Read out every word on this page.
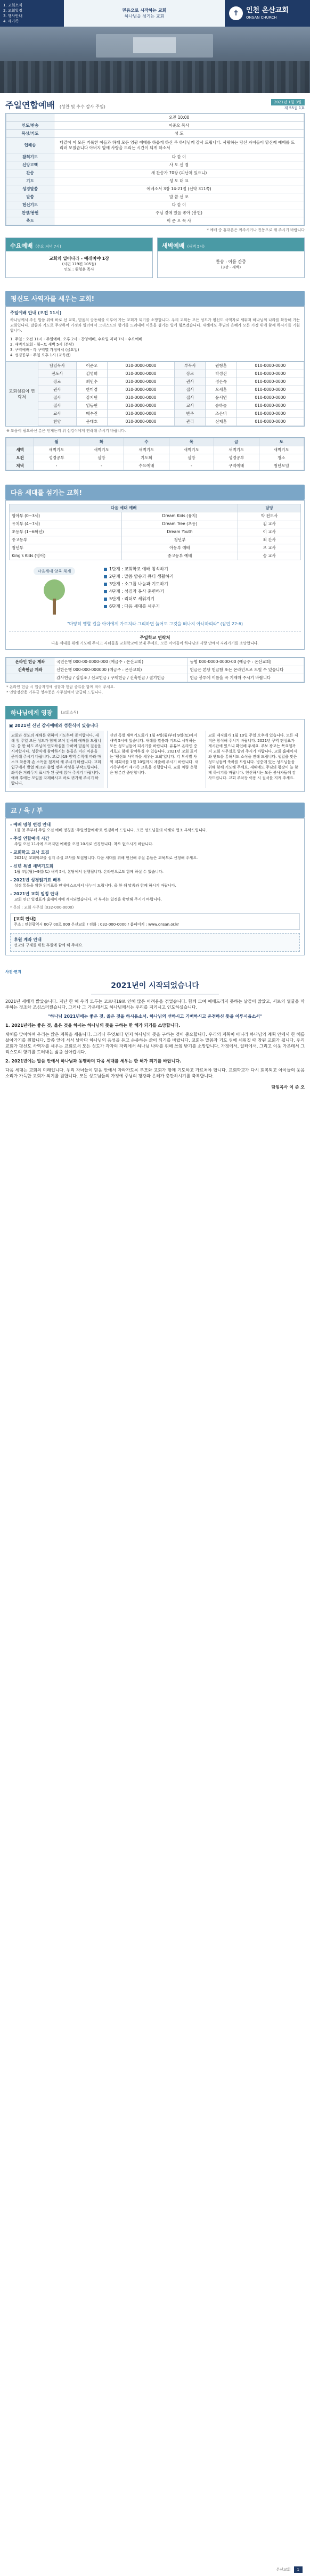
1. 교회소식
2. 교회일정
3. 행사안내
4. 새가족
믿음으로 시작하는 교회
하나님을 섬기는 교회	✝	인천 온산교회
ONSAN CHURCH
주일연합예배 (성찬 및 추수 감사 주일)
2021년 1월 3일
제 55권 1호
	오전 10:00
인도/찬송	이준오 목사
묵상/기도	성 도
입례송	다같이 이 모든 거룩한 이들과 하께 모든 영광 예배를 하옵게 하신 주 하나님께 감사 드립니다. 사랑하는 당신 자녀들이 당신께 예배를 드리러 모였습니다 아버지 앞에 사랑을 드리는 시간이 되게 하소서
참회기도	다 같 이
신앙고백	사 도 신 경
찬송	새 찬송가 70장 (피난처 있으니)
기도	성 도 대 표
성경말씀	에베소서 3장 14-21절 (신약 311쪽)
말씀	말 씀 선 포
헌신기도	다 같 이
찬양/봉헌	주님 곁에 있음 좋아 (봉헌)
축도	이 준 오 목 사
* 예배 중 휴대폰은 꺼주시거나 진동으로 해 주시기 바랍니다
수요예배 (수요 저녁 7시)
교회의 일어나라 - 예레미야 1장
(시편 119편 105절)
인도 : 원형훈 목사
새벽예배 (새벽 5시)
찬송 : 이름 간증
(3장 - 새벽)
평신도 사역자를 세우는 교회!
주일예배 안내 (오전 11시)
하나님께서 주신 말씀 위에 바로 선 교회, 믿음의 공동체를 이루어 가는 교회가 되기를 소망합니다. 우리 교회는 모든 성도가 평신도 사역자로 세워져 하나님의 나라를 확장해 가는 교회입니다. 말씀과 기도로 무장하여 가정과 일터에서 그리스도의 향기를 드러내며 이웃을 섬기는 일에 힘쓰겠습니다. 새해에도 주님의 은혜가 모든 가정 위에 함께 하시기를 기원합니다.
1. 주일 : 오전 11시 - 주일예배, 오후 2시 - 찬양예배, 수요일 저녁 7시 - 수요예배
2. 새벽기도회 - 월~토 새벽 5시 (본당)
3. 구역예배 - 각 구역별 가정에서 (금요일)
4. 성경공부 - 주일 오후 1시 (교육관)
교회섬김이 연락처
담임목사	이준오	010-0000-0000	부목사	원형훈	010-0000-0000
전도사	김영희	010-0000-0000	장로	박성진	010-0000-0000
장로	최민수	010-0000-0000	권사	정은숙	010-0000-0000
권사	한미경	010-0000-0000	집사	오세훈	010-0000-0000
집사	강지원	010-0000-0000	집사	윤서연	010-0000-0000
집사	임동현	010-0000-0000	교사	송하늘	010-0000-0000
교사	배수진	010-0000-0000	반주	조은비	010-0000-0000
찬양	문태호	010-0000-0000	관리	신재훈	010-0000-0000
※ 도움이 필요하신 분은 언제든지 위 섬김이에게 연락해 주시기 바랍니다.
	월	화	수	목	금	토
새벽	새벽기도	새벽기도	새벽기도	새벽기도	새벽기도	새벽기도
오전	성경공부	심방	기도회	심방	성경공부	청소
저녁	-	-	수요예배	-	구역예배	청년모임
다음 세대를 섬기는 교회!
다음 세대 예배		담당
영아부 (0~3세)	Dream Kids (유치)	박 전도사
유치부 (4~7세)	Dream Tree (초등)	김 교사
초등부 (1~6학년)	Dream Youth	이 교사
중고등부	청년부	최 간사
청년부	아동부 예배	오 교사
King's Kids (영어)	중고등부 예배	송 교사
다음세대 양육 체계	1단계 : 교회학교 예배 참석하기
2단계 : 말씀 암송과 큐티 생활하기
3단계 : 소그룹 나눔과 기도하기
4단계 : 섬김과 봉사 훈련하기
5단계 : 리더로 세워지기
6단계 : 다음 세대를 세우기
"마땅히 행할 길을 아이에게 가르치라 그리하면 늙어도 그것을 떠나지 아니하리라" (잠언 22:6)
주일학교 연락처
다음 세대를 위해 기도해 주시고 자녀들을 교회학교에 보내 주세요. 모든 아이들이 하나님의 사랑 안에서 자라가기를 소망합니다.
온라인 헌금 계좌	국민은행 000-00-0000-000 (예금주 : 온산교회)	농협 000-0000-0000-00 (예금주 : 온산교회)
건축헌금 계좌	신한은행 000-000-000000 (예금주 : 온산교회)	헌금은 본당 헌금함 또는 온라인으로 드릴 수 있습니다
	감사헌금 / 십일조 / 선교헌금 / 구제헌금 / 건축헌금 / 절기헌금	헌금 봉투에 이름을 꼭 기재해 주시기 바랍니다
* 온라인 헌금 시 입금자명에 성함과 헌금 종류를 함께 적어 주세요.
* 연말정산용 기부금 영수증은 사무실에서 발급해 드립니다.
하나님에게 영광	(교회소식)
▣ 2021년 신년 감사예배와 성찬식이 있습니다
교회와 성도의 새해를 위하여 기도하며 준비합시다. 새해 첫 주일 모든 성도가 함께 모여 감사의 예배를 드립니다. 올 한 해도 주님의 인도하심을 구하며 믿음의 걸음을 시작합시다. 성찬식에 참여하시는 분들은 미리 마음을 준비해 주시기 바랍니다. 코로나19 방역 수칙에 따라 마스크 착용과 손 소독을 철저히 해 주시기 바랍니다. 교회 입구에서 발열 체크와 출입 명부 작성을 부탁드립니다. 좌석은 거리두기 표시가 된 곳에 앉아 주시기 바랍니다. 예배 후에는 모임을 자제하시고 바로 귀가해 주시기 바랍니다.
신년 특별 새벽기도회가 1월 4일(월)부터 9일(토)까지 새벽 5시에 있습니다. 새해를 말씀과 기도로 시작하는 모든 성도님들이 되시기를 바랍니다. 유튜브 온라인 중계로도 함께 참여하실 수 있습니다. 2021년 교회 표어는 '평신도 사역자를 세우는 교회'입니다. 각 부서별 사역 계획서를 1월 10일까지 제출해 주시기 바랍니다. 새가족부에서 새가족 교육을 진행합니다. 교회 차량 운행은 당분간 중단합니다.
교회 제직회가 1월 10일 주일 오후에 있습니다. 모든 제직은 참석해 주시기 바랍니다. 2021년 구역 편성표가 게시판에 있으니 확인해 주세요. 주보 광고는 목요일까지 교회 사무실로 알려 주시기 바랍니다. 교회 홈페이지와 밴드를 통해서도 소식을 전해 드립니다. 생일을 맞은 성도님들께 축하를 드립니다. 병중에 있는 성도님들을 위해 함께 기도해 주세요. 새해에도 주님의 평강이 늘 함께 하시기를 바랍니다. 헌신하시는 모든 봉사자들께 감사드립니다. 교회 주차장 이용 시 질서를 지켜 주세요.
교 / 육 / 부
- 예배 명칭 변경 안내
1월 첫 주부터 주일 오전 예배 명칭을 '주일연합예배'로 변경하여 드립니다. 모든 성도님들의 이해와 협조 부탁드립니다.
- 주일 연합예배 시간
주일 오전 11시에 드려지던 예배를 오전 10시로 변경합니다. 착오 없으시기 바랍니다.
- 교회학교 교사 모집
2021년 교회학교를 섬겨 주실 교사를 모집합니다. 다음 세대를 위해 헌신해 주실 분들은 교육부로 신청해 주세요.
- 신년 특별 새벽기도회
1월 4일(월)~9일(토) 새벽 5시, 본당에서 진행됩니다. 온라인으로도 함께 하실 수 있습니다.
- 2021년 성경읽기표 배부
성경 통독을 위한 읽기표를 안내데스크에서 나누어 드립니다. 올 한 해 말씀과 함께 하시기 바랍니다.
- 2021년 교회 일정 안내
교회 연간 일정표가 홈페이지에 게시되었습니다. 각 부서는 일정을 확인해 주시기 바랍니다.
* 문의 : 교회 사무실 (032-000-0000)
[교회 안내]
주소 : 인천광역시 00구 00로 000 온산교회 / 전화 : 032-000-0000 / 홈페이지 : www.onsan.or.kr
후원 계좌 안내
선교와 구제를 위한 후원에 함께 해 주세요.
사진·편지
2021년이 시작되었습니다
2021년 새해가 밝았습니다. 지난 한 해 우리 모두는 코로나19로 인해 많은 어려움을 겪었습니다. 함께 모여 예배드리지 못하는 날들이 많았고, 서로의 얼굴을 마주하는 것조차 조심스러웠습니다. 그러나 그 가운데서도 하나님께서는 우리를 지키시고 인도하셨습니다.
"하나님 2021년에는 좋은 것, 옳은 것을 하시옵소서. 하나님의 선하시고 기뻐하시고 온전하신 뜻을 이루시옵소서"
1. 2021년에는 좋은 것, 옳은 것을 하시는 하나님의 뜻을 구하는 한 해가 되기를 소망합니다.
새해를 맞이하며 우리는 많은 계획을 세웁니다. 그러나 무엇보다 먼저 하나님의 뜻을 구하는 것이 중요합니다. 우리의 계획이 아니라 하나님의 계획 안에서 한 해를 살아가기를 원합니다. 말씀 앞에 서서 날마다 하나님의 음성을 듣고 순종하는 삶이 되기를 바랍니다. 교회는 말씀과 기도 위에 세워질 때 참된 교회가 됩니다. 우리 교회가 평신도 사역자를 세우는 교회로서 모든 성도가 각자의 자리에서 하나님 나라를 위해 쓰임 받기를 소망합니다. 가정에서, 일터에서, 그리고 이웃 가운데서 그리스도의 향기를 드러내는 삶을 살아갑시다.
2. 2021년에는 말씀 안에서 하나님과 동행하며 다음 세대를 세우는 한 해가 되기를 바랍니다.
다음 세대는 교회의 미래입니다. 우리 자녀들이 믿음 안에서 자라가도록 부모와 교회가 함께 기도하고 가르쳐야 합니다. 교회학교가 다시 회복되고 아이들의 웃음소리가 가득한 교회가 되기를 원합니다. 모든 성도님들의 가정에 주님의 평강과 은혜가 충만하시기를 축복합니다.
담임목사 이 준 오
온산교회	1
